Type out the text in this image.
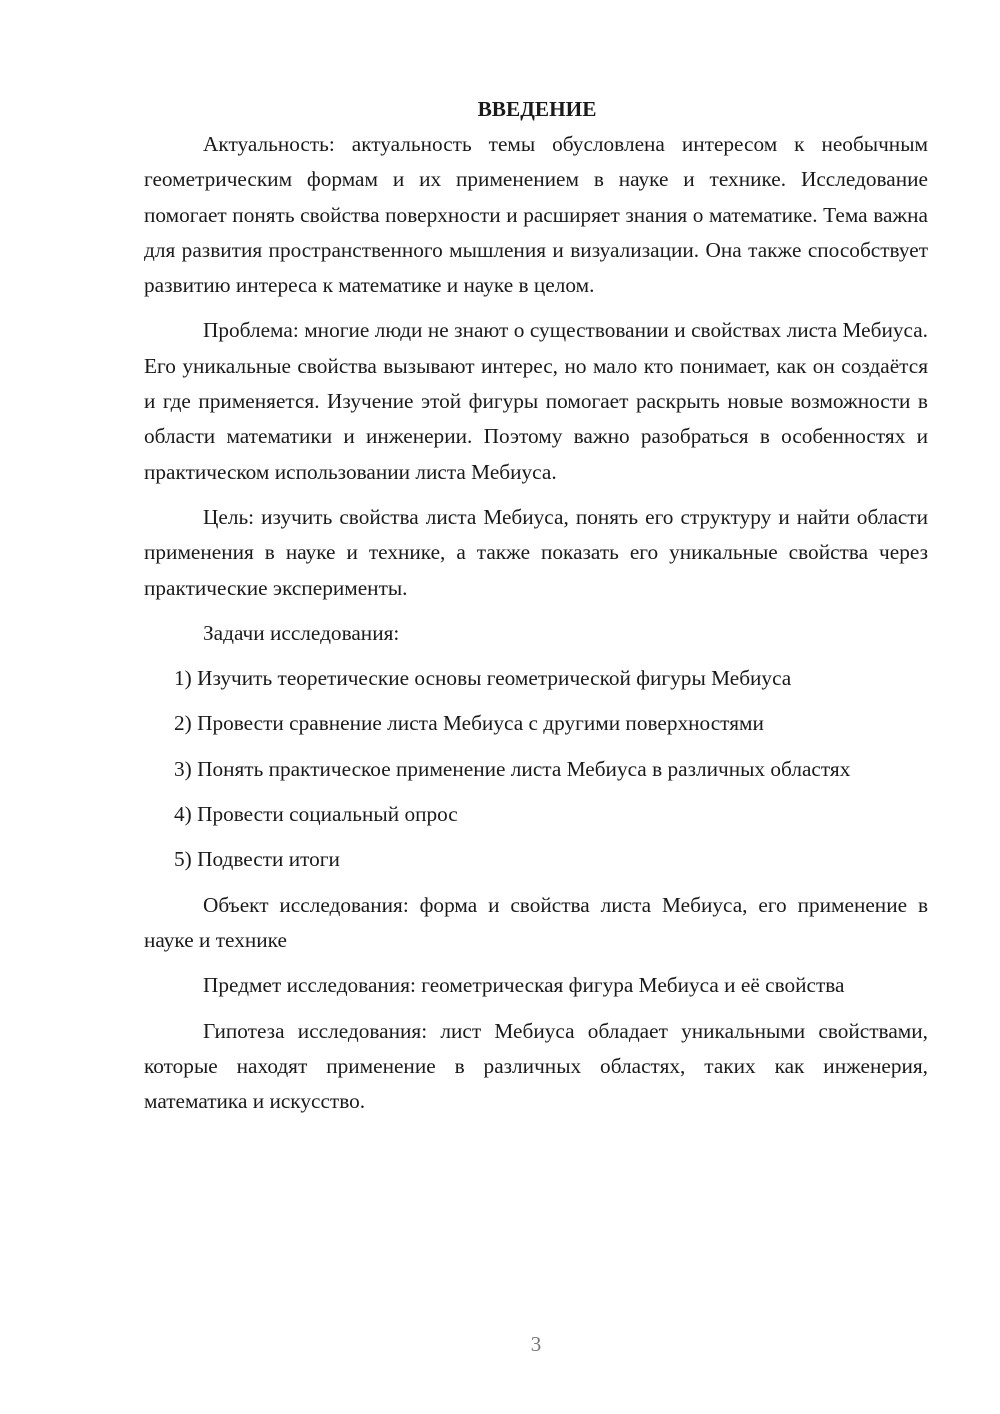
ВВЕДЕНИЕ

Актуальность: актуальность темы обусловлена интересом к необычным геометрическим формам и их применением в науке и технике. Исследование помогает понять свойства поверхности и расширяет знания о математике. Тема важна для развития пространственного мышления и визуализации. Она также способствует развитию интереса к математике и науке в целом.

Проблема: многие люди не знают о существовании и свойствах листа Мебиуса. Его уникальные свойства вызывают интерес, но мало кто понимает, как он создаётся и где применяется. Изучение этой фигуры помогает раскрыть новые возможности в области математики и инженерии. Поэтому важно разобраться в особенностях и практическом использовании листа Мебиуса.

Цель: изучить свойства листа Мебиуса, понять его структуру и найти области применения в науке и технике, а также показать его уникальные свойства через практические эксперименты.

Задачи исследования:

1) Изучить теоретические основы геометрической фигуры Мебиуса

2) Провести сравнение листа Мебиуса с другими поверхностями

3) Понять практическое применение листа Мебиуса в различных областях

4) Провести социальный опрос

5) Подвести итоги

Объект исследования: форма и свойства листа Мебиуса, его применение в науке и технике

Предмет исследования: геометрическая фигура Мебиуса и её свойства

Гипотеза исследования: лист Мебиуса обладает уникальными свойствами, которые находят применение в различных областях, таких как инженерия, математика и искусство.

3
